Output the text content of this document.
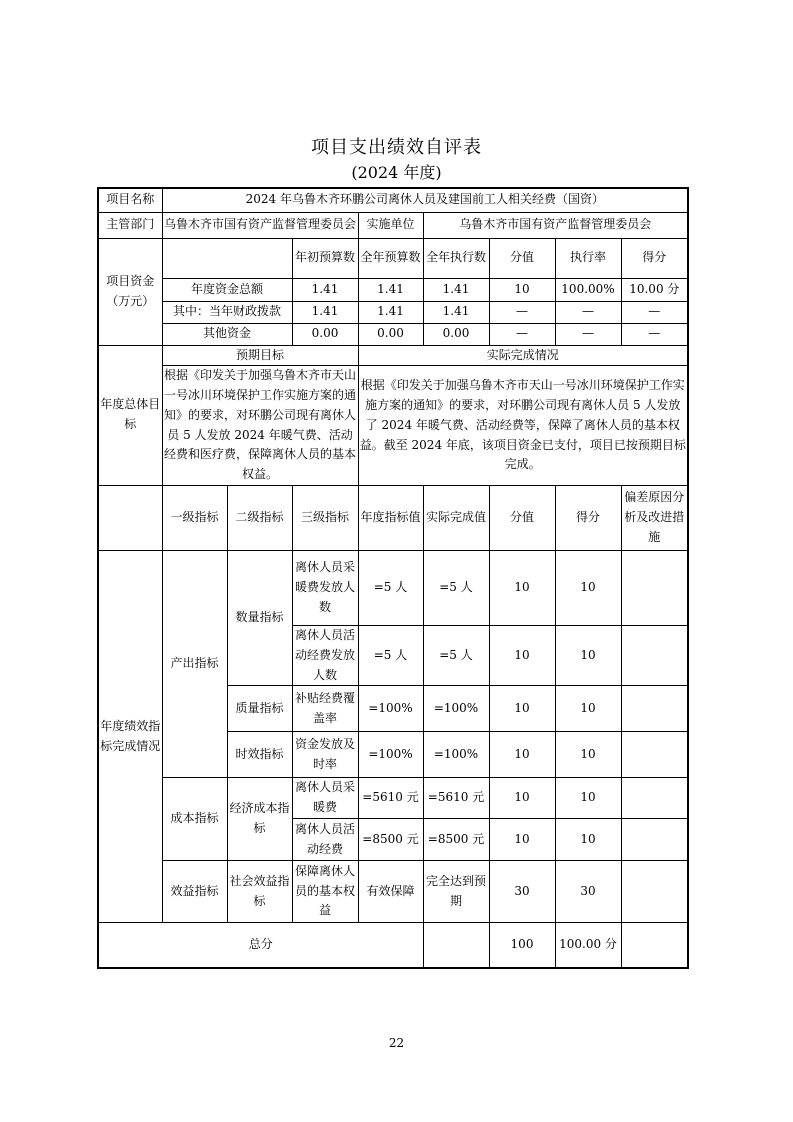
项目支出绩效自评表
(2024 年度)
项目名称	2024 年乌鲁木齐环鹏公司离休人员及建国前工人相关经费（国资）							
主管部门	乌鲁木齐市国有资产监督管理委员会			实施单位	乌鲁木齐市国有资产监督管理委员会			
项目资金（万元）			年初预算数	全年预算数	全年执行数	分值	执行率	得分
	年度资金总额		1.41	1.41	1.41	10	100.00%	10.00 分
	其中：当年财政拨款		1.41	1.41	1.41	—	—	—
	其他资金		0.00	0.00	0.00	—	—	—
年度总体目标	预期目标			实际完成情况				
	根据《印发关于加强乌鲁木齐市天山一号冰川环境保护工作实施方案的通知》的要求，对环鹏公司现有离休人员 5 人发放 2024 年暖气费、活动经费和医疗费，保障离休人员的基本权益。			根据《印发关于加强乌鲁木齐市天山一号冰川环境保护工作实施方案的通知》的要求，对环鹏公司现有离休人员 5 人发放了 2024 年暖气费、活动经费等，保障了离休人员的基本权益。截至 2024 年底，该项目资金已支付，项目已按预期目标完成。				
	一级指标	二级指标	三级指标	年度指标值	实际完成值	分值	得分	偏差原因分析及改进措施
年度绩效指标完成情况	产出指标	数量指标	离休人员采暖费发放人数	=5 人	=5 人	10	10	
			离休人员活动经费发放人数	=5 人	=5 人	10	10	
		质量指标	补贴经费覆盖率	=100%	=100%	10	10	
		时效指标	资金发放及时率	=100%	=100%	10	10	
	成本指标	经济成本指标	离休人员采暖费	=5610 元	=5610 元	10	10	
			离休人员活动经费	=8500 元	=8500 元	10	10	
	效益指标	社会效益指标	保障离休人员的基本权益	有效保障	完全达到预期	30	30	
总分						100	100.00 分	
22
